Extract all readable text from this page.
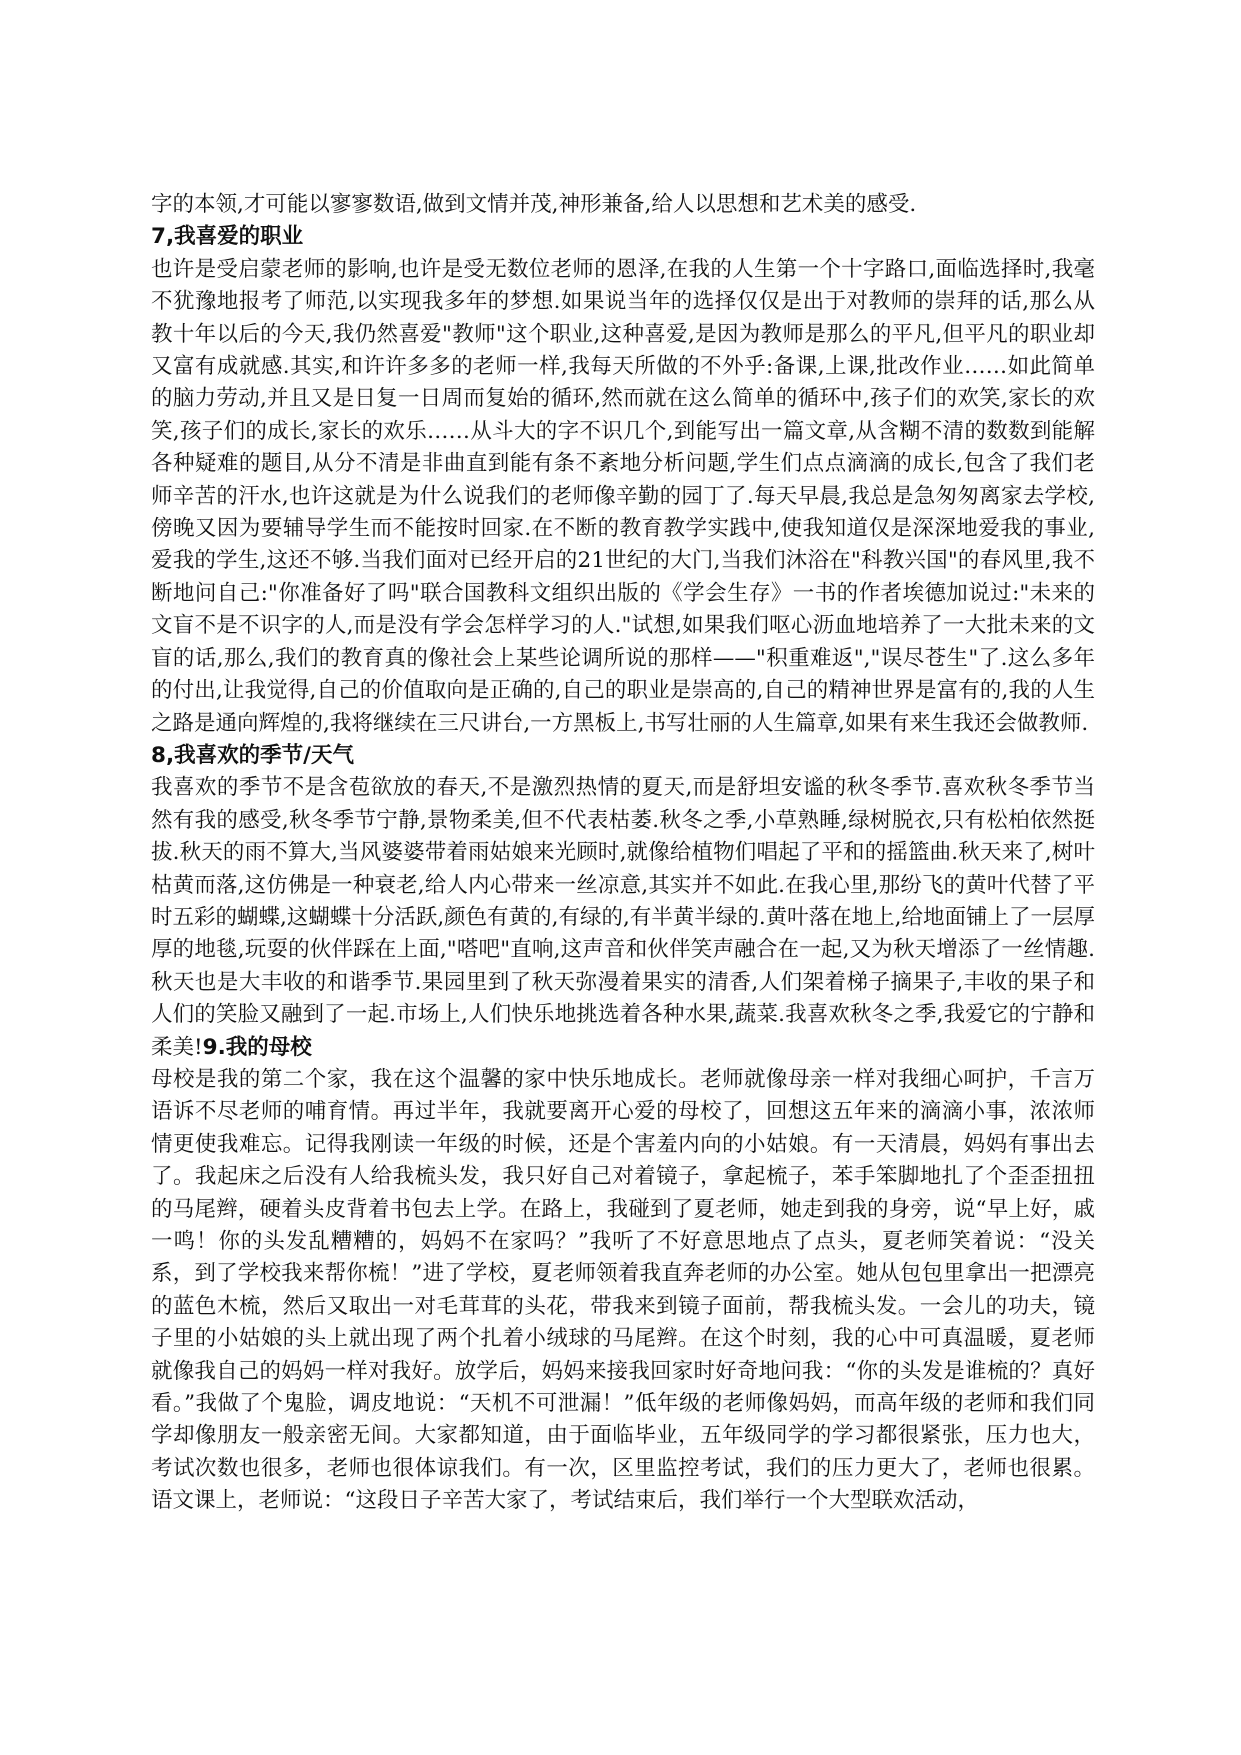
字的本领,才可能以寥寥数语,做到文情并茂,神形兼备,给人以思想和艺术美的感受.

7,我喜爱的职业

也许是受启蒙老师的影响,也许是受无数位老师的恩泽,在我的人生第一个十字路口,面临选择时,我毫不犹豫地报考了师范,以实现我多年的梦想.如果说当年的选择仅仅是出于对教师的崇拜的话,那么从教十年以后的今天,我仍然喜爱"教师"这个职业,这种喜爱,是因为教师是那么的平凡,但平凡的职业却又富有成就感.其实,和许许多多的老师一样,我每天所做的不外乎:备课,上课,批改作业……如此简单的脑力劳动,并且又是日复一日周而复始的循环,然而就在这么简单的循环中,孩子们的欢笑,家长的欢笑,孩子们的成长,家长的欢乐……从斗大的字不识几个,到能写出一篇文章,从含糊不清的数数到能解各种疑难的题目,从分不清是非曲直到能有条不紊地分析问题,学生们点点滴滴的成长,包含了我们老师辛苦的汗水,也许这就是为什么说我们的老师像辛勤的园丁了.每天早晨,我总是急匆匆离家去学校,傍晚又因为要辅导学生而不能按时回家.在不断的教育教学实践中,使我知道仅是深深地爱我的事业,爱我的学生,这还不够.当我们面对已经开启的21世纪的大门,当我们沐浴在"科教兴国"的春风里,我不断地问自己:"你准备好了吗"联合国教科文组织出版的《学会生存》一书的作者埃德加说过:"未来的文盲不是不识字的人,而是没有学会怎样学习的人."试想,如果我们呕心沥血地培养了一大批未来的文盲的话,那么,我们的教育真的像社会上某些论调所说的那样——"积重难返","误尽苍生"了.这么多年的付出,让我觉得,自己的价值取向是正确的,自己的职业是崇高的,自己的精神世界是富有的,我的人生之路是通向辉煌的,我将继续在三尺讲台,一方黑板上,书写壮丽的人生篇章,如果有来生我还会做教师.

8,我喜欢的季节/天气

我喜欢的季节不是含苞欲放的春天,不是激烈热情的夏天,而是舒坦安谧的秋冬季节.喜欢秋冬季节当然有我的感受,秋冬季节宁静,景物柔美,但不代表枯萎.秋冬之季,小草熟睡,绿树脱衣,只有松柏依然挺拔.秋天的雨不算大,当风婆婆带着雨姑娘来光顾时,就像给植物们唱起了平和的摇篮曲.秋天来了,树叶枯黄而落,这仿佛是一种衰老,给人内心带来一丝凉意,其实并不如此.在我心里,那纷飞的黄叶代替了平时五彩的蝴蝶,这蝴蝶十分活跃,颜色有黄的,有绿的,有半黄半绿的.黄叶落在地上,给地面铺上了一层厚厚的地毯,玩耍的伙伴踩在上面,"嗒吧"直响,这声音和伙伴笑声融合在一起,又为秋天增添了一丝情趣.秋天也是大丰收的和谐季节.果园里到了秋天弥漫着果实的清香,人们架着梯子摘果子,丰收的果子和人们的笑脸又融到了一起.市场上,人们快乐地挑选着各种水果,蔬菜.我喜欢秋冬之季,我爱它的宁静和柔美!9.我的母校

母校是我的第二个家，我在这个温馨的家中快乐地成长。老师就像母亲一样对我细心呵护，千言万语诉不尽老师的哺育情。再过半年，我就要离开心爱的母校了，回想这五年来的滴滴小事，浓浓师情更使我难忘。记得我刚读一年级的时候，还是个害羞内向的小姑娘。有一天清晨，妈妈有事出去了。我起床之后没有人给我梳头发，我只好自己对着镜子，拿起梳子，苯手笨脚地扎了个歪歪扭扭的马尾辫，硬着头皮背着书包去上学。在路上，我碰到了夏老师，她走到我的身旁，说“早上好，戚一鸣！你的头发乱糟糟的，妈妈不在家吗？”我听了不好意思地点了点头，夏老师笑着说：“没关系，到了学校我来帮你梳！”进了学校，夏老师领着我直奔老师的办公室。她从包包里拿出一把漂亮的蓝色木梳，然后又取出一对毛茸茸的头花，带我来到镜子面前，帮我梳头发。一会儿的功夫，镜子里的小姑娘的头上就出现了两个扎着小绒球的马尾辫。在这个时刻，我的心中可真温暖，夏老师就像我自己的妈妈一样对我好。放学后，妈妈来接我回家时好奇地问我：“你的头发是谁梳的？真好看。”我做了个鬼脸，调皮地说：“天机不可泄漏！”低年级的老师像妈妈，而高年级的老师和我们同学却像朋友一般亲密无间。大家都知道，由于面临毕业，五年级同学的学习都很紧张，压力也大，考试次数也很多，老师也很体谅我们。有一次，区里监控考试，我们的压力更大了，老师也很累。语文课上，老师说：“这段日子辛苦大家了，考试结束后，我们举行一个大型联欢活动，
